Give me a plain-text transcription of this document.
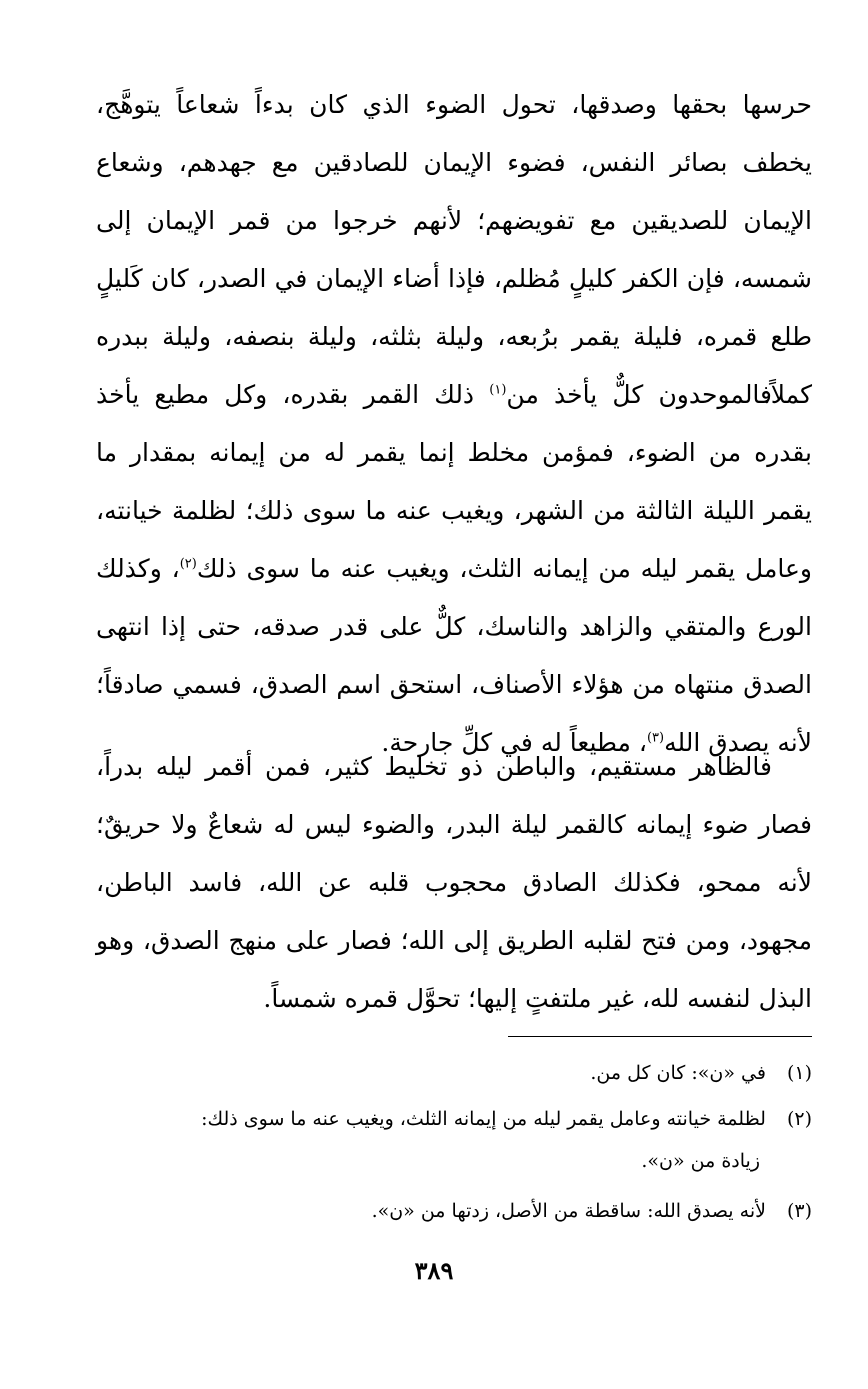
حرسها بحقها وصدقها، تحول الضوء الذي كان بدءاً شعاعاً يتوهَّج، يخطف بصائر النفس، فضوء الإيمان للصادقين مع جهدهم، وشعاع الإيمان للصديقين مع تفويضهم؛ لأنهم خرجوا من قمر الإيمان إلى شمسه، فإن الكفر كليلٍ مُظلم، فإذا أضاء الإيمان في الصدر، كان كَليلٍ طلع قمره، فليلة يقمر برُبعه، وليلة بثلثه، وليلة بنصفه، وليلة ببدره كملاً.

فالموحدون كلٌّ يأخذ من$^{(١)}$ ذلك القمر بقدره، وكل مطيع يأخذ بقدره من الضوء، فمؤمن مخلط إنما يقمر له من إيمانه بمقدار ما يقمر الليلة الثالثة من الشهر، ويغيب عنه ما سوى ذلك؛ لظلمة خيانته، وعامل يقمر ليله من إيمانه الثلث، ويغيب عنه ما سوى ذلك$^{(٢)}$، وكذلك الورع والمتقي والزاهد والناسك، كلٌّ على قدر صدقه، حتى إذا انتهى الصدق منتهاه من هؤلاء الأصناف، استحق اسم الصدق، فسمي صادقاً؛ لأنه يصدق الله$^{(٣)}$، مطيعاً له في كلِّ جارحة.

فالظاهر مستقيم، والباطن ذو تخليط كثير، فمن أقمر ليله بدراً، فصار ضوء إيمانه كالقمر ليلة البدر، والضوء ليس له شعاعٌ ولا حريقٌ؛ لأنه ممحو، فكذلك الصادق محجوب قلبه عن الله، فاسد الباطن، مجهود، ومن فتح لقلبه الطريق إلى الله؛ فصار على منهج الصدق، وهو البذل لنفسه لله، غير ملتفتٍ إليها؛ تحوَّل قمره شمساً.

(١) في «ن»: كان كل من.
(٢) لظلمة خيانته وعامل يقمر ليله من إيمانه الثلث، ويغيب عنه ما سوى ذلك:
زيادة من «ن».
(٣) لأنه يصدق الله: ساقطة من الأصل، زدتها من «ن».
٣٨٩
